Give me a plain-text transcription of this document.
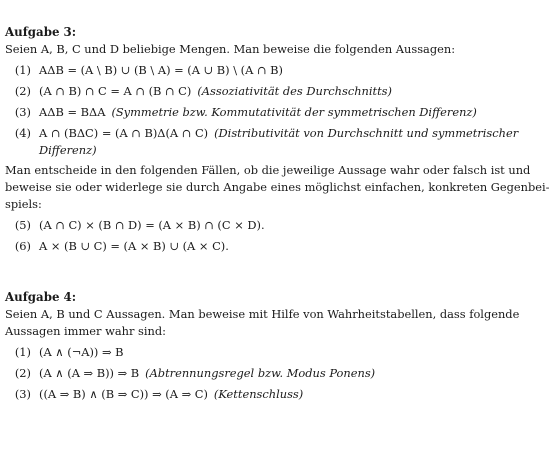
Aufgabe 3:
Seien A, B, C und D beliebige Mengen. Man beweise die folgenden Aussagen:
(1) AΔB = (A \ B) ∪ (B \ A) = (A ∪ B) \ (A ∩ B)
(2) (A ∩ B) ∩ C = A ∩ (B ∩ C) (Assoziativität des Durchschnitts)
(3) AΔB = BΔA (Symmetrie bzw. Kommutativität der symmetrischen Differenz)
(4) A ∩ (BΔC) = (A ∩ B)Δ(A ∩ C) (Distributivität von Durchschnitt und symmetrischer
Differenz)
Man entscheide in den folgenden Fällen, ob die jeweilige Aussage wahr oder falsch ist und
beweise sie oder widerlege sie durch Angabe eines möglichst einfachen, konkreten Gegenbei-
spiels:
(5) (A ∩ C) × (B ∩ D) = (A × B) ∩ (C × D).
(6) A × (B ∪ C) = (A × B) ∪ (A × C).
Aufgabe 4:
Seien A, B und C Aussagen. Man beweise mit Hilfe von Wahrheitstabellen, dass folgende
Aussagen immer wahr sind:
(1) (A ∧ (¬A)) ⇒ B
(2) (A ∧ (A ⇒ B)) ⇒ B (Abtrennungsregel bzw. Modus Ponens)
(3) ((A ⇒ B) ∧ (B ⇒ C)) ⇒ (A ⇒ C) (Kettenschluss)
